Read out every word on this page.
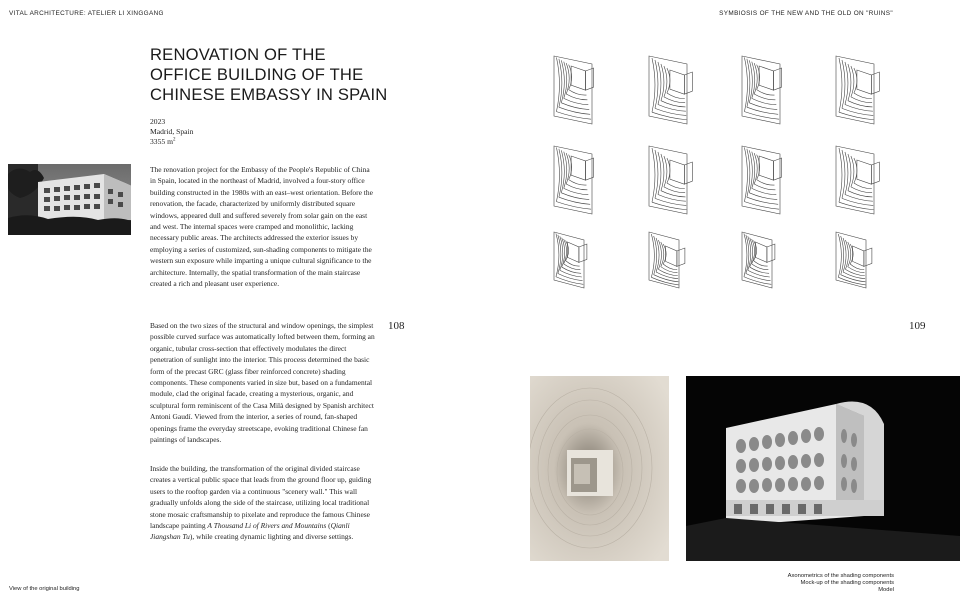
VITAL ARCHITECTURE: ATELIER LI XINGGANG	SYMBIOSIS OF THE NEW AND THE OLD ON "RUINS"
RENOVATION OF THE OFFICE BUILDING OF THE CHINESE EMBASSY IN SPAIN
2023
Madrid, Spain
3355 $m^2$

The renovation project for the Embassy of the People's Republic of China in Spain, located in the northeast of Madrid, involved a four-story office building constructed in the 1980s with an east–west orientation. Before the renovation, the facade, characterized by uniformly distributed square windows, appeared dull and suffered severely from solar gain on the east and west. The internal spaces were cramped and monolithic, lacking necessary public areas. The architects addressed the exterior issues by employing a series of customized, sun-shading components to mitigate the western sun exposure while imparting a unique cultural significance to the architecture. Internally, the spatial transformation of the main staircase created a rich and pleasant user experience.

Based on the two sizes of the structural and window openings, the simplest possible curved surface was automatically lofted between them, forming an organic, tubular cross-section that effectively modulates the direct penetration of sunlight into the interior. This process determined the basic form of the precast GRC (glass fiber reinforced concrete) shading components. These components varied in size but, based on a fundamental module, clad the original facade, creating a mysterious, organic, and sculptural form reminiscent of the Casa Milà designed by Spanish architect Antoni Gaudí. Viewed from the interior, a series of round, fan-shaped openings frame the everyday streetscape, evoking traditional Chinese fan paintings of landscapes.

Inside the building, the transformation of the original divided staircase creates a vertical public space that leads from the ground floor up, guiding users to the rooftop garden via a continuous "scenery wall." This wall gradually unfolds along the side of the staircase, utilizing local traditional stone mosaic craftsmanship to pixelate and reproduce the famous Chinese landscape painting A Thousand Li of Rivers and Mountains (Qianli Jiangshan Tu), while creating dynamic lighting and diverse settings.

108	109
View of the original building
Axonometrics of the shading components
Mock-up of the shading components
Model
